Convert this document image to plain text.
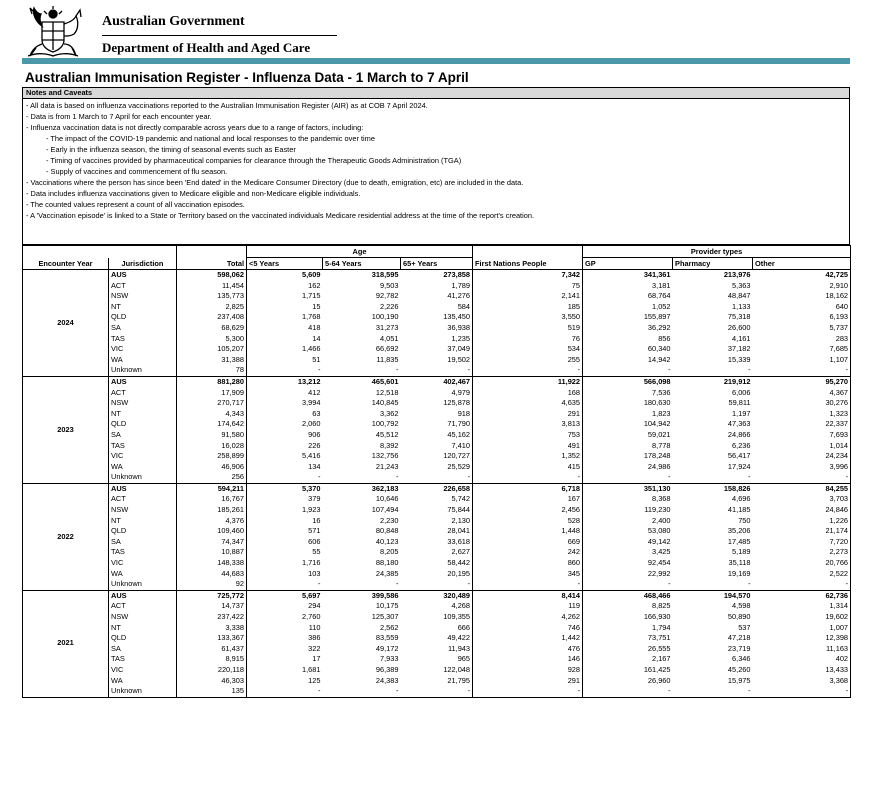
Australian Government
Department of Health and Aged Care
Australian Immunisation Register - Influenza Data - 1 March to 7 April
Notes and Caveats
- All data is based on influenza vaccinations reported to the Australian Immunisation Register (AIR) as at COB 7 April 2024.
- Data is from 1 March to 7 April for each encounter year.
- Influenza vaccination data is not directly comparable across years due to a range of factors, including:
- The impact of the COVID-19 pandemic and national and local responses to the pandemic over time
- Early in the influenza season, the timing of seasonal events such as Easter
- Timing of vaccines provided by pharmaceutical companies for clearance through the Therapeutic Goods Administration (TGA)
- Supply of vaccines and commencement of flu season.
- Vaccinations where the person has since been 'End dated' in the Medicare Consumer Directory (due to death, emigration, etc) are included in the data.
- Data includes influenza vaccinations given to Medicare eligible and non-Medicare eligible individuals.
- The counted values represent a count of all vaccination episodes.
- A 'Vaccination episode' is linked to a State or Territory based on the vaccinated individuals Medicare residential address at the time of the report's creation.
			Age				Provider types		
Encounter Year	Jurisdiction	Total	<5 Years	5-64 Years	65+ Years	First Nations People	GP	Pharmacy	Other
2024	AUS	598,062	5,609	318,595	273,858	7,342	341,361	213,976	42,725
	ACT	11,454	162	9,503	1,789	75	3,181	5,363	2,910
	NSW	135,773	1,715	92,782	41,276	2,141	68,764	48,847	18,162
	NT	2,825	15	2,226	584	185	1,052	1,133	640
	QLD	237,408	1,768	100,190	135,450	3,550	155,897	75,318	6,193
	SA	68,629	418	31,273	36,938	519	36,292	26,600	5,737
	TAS	5,300	14	4,051	1,235	76	856	4,161	283
	VIC	105,207	1,466	66,692	37,049	534	60,340	37,182	7,685
	WA	31,388	51	11,835	19,502	255	14,942	15,339	1,107
	Unknown	78	-	-	-	-	-	-	-
2023	AUS	881,280	13,212	465,601	402,467	11,922	566,098	219,912	95,270
	ACT	17,909	412	12,518	4,979	168	7,536	6,006	4,367
	NSW	270,717	3,994	140,845	125,878	4,635	180,630	59,811	30,276
	NT	4,343	63	3,362	918	291	1,823	1,197	1,323
	QLD	174,642	2,060	100,792	71,790	3,813	104,942	47,363	22,337
	SA	91,580	906	45,512	45,162	753	59,021	24,866	7,693
	TAS	16,028	226	8,392	7,410	491	8,778	6,236	1,014
	VIC	258,899	5,416	132,756	120,727	1,352	178,248	56,417	24,234
	WA	46,906	134	21,243	25,529	415	24,986	17,924	3,996
	Unknown	256	-	-	-	-	-	-	-
2022	AUS	594,211	5,370	362,183	226,658	6,718	351,130	158,826	84,255
	ACT	16,767	379	10,646	5,742	167	8,368	4,696	3,703
	NSW	185,261	1,923	107,494	75,844	2,456	119,230	41,185	24,846
	NT	4,376	16	2,230	2,130	528	2,400	750	1,226
	QLD	109,460	571	80,848	28,041	1,448	53,080	35,206	21,174
	SA	74,347	606	40,123	33,618	669	49,142	17,485	7,720
	TAS	10,887	55	8,205	2,627	242	3,425	5,189	2,273
	VIC	148,338	1,716	88,180	58,442	860	92,454	35,118	20,766
	WA	44,683	103	24,385	20,195	345	22,992	19,169	2,522
	Unknown	92	-	-	-	-	-	-	-
2021	AUS	725,772	5,697	399,586	320,489	8,414	468,466	194,570	62,736
	ACT	14,737	294	10,175	4,268	119	8,825	4,598	1,314
	NSW	237,422	2,760	125,307	109,355	4,262	166,930	50,890	19,602
	NT	3,338	110	2,562	666	746	1,794	537	1,007
	QLD	133,367	386	83,559	49,422	1,442	73,751	47,218	12,398
	SA	61,437	322	49,172	11,943	476	26,555	23,719	11,163
	TAS	8,915	17	7,933	965	146	2,167	6,346	402
	VIC	220,118	1,681	96,389	122,048	928	161,425	45,260	13,433
	WA	46,303	125	24,383	21,795	291	26,960	15,975	3,368
	Unknown	135	-	-	-	-	-	-	-
